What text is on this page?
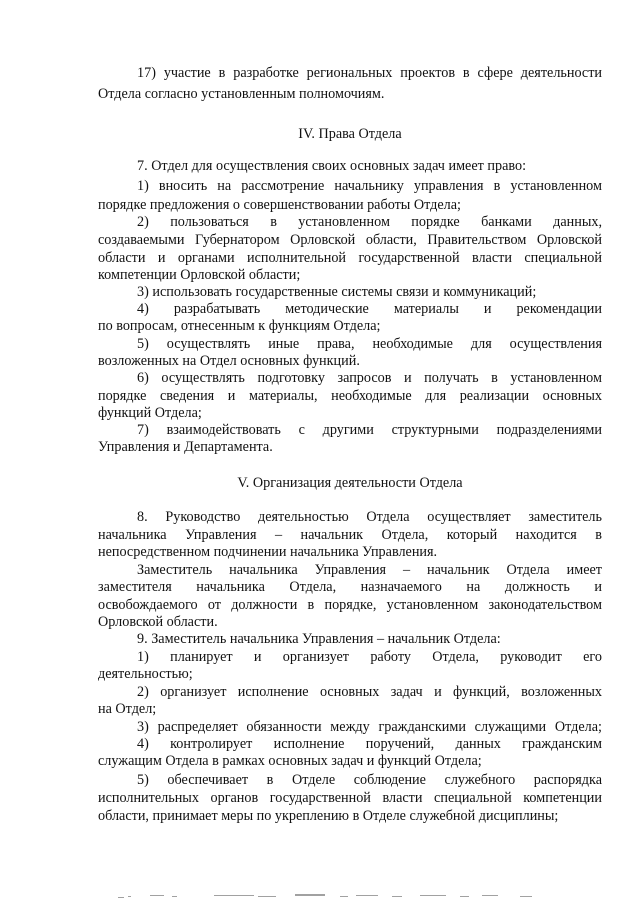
17) участие в разработке региональных проектов в сфере деятельности
Отдела согласно установленным полномочиям.
IV. Права Отдела
7. Отдел для осуществления своих основных задач имеет право:
1) вносить на рассмотрение начальнику управления в установленном
порядке предложения о совершенствовании работы Отдела;
2) пользоваться в установленном порядке банками данных,
создаваемыми Губернатором Орловской области, Правительством Орловской
области и органами исполнительной государственной власти специальной
компетенции Орловской области;
3) использовать государственные системы связи и коммуникаций;
4) разрабатывать методические материалы и рекомендации
по вопросам, отнесенным к функциям Отдела;
5) осуществлять иные права, необходимые для осуществления
возложенных на Отдел основных функций.
6) осуществлять подготовку запросов и получать в установленном
порядке сведения и материалы, необходимые для реализации основных
функций Отдела;
7) взаимодействовать с другими структурными подразделениями
Управления и Департамента.
V. Организация деятельности Отдела
8. Руководство деятельностью Отдела осуществляет заместитель
начальника Управления – начальник Отдела, который находится в
непосредственном подчинении начальника Управления.
Заместитель начальника Управления – начальник Отдела имеет
заместителя начальника Отдела, назначаемого на должность и
освобождаемого от должности в порядке, установленном законодательством
Орловской области.
9. Заместитель начальника Управления – начальник Отдела:
1) планирует и организует работу Отдела, руководит его
деятельностью;
2) организует исполнение основных задач и функций, возложенных
на Отдел;
3) распределяет обязанности между гражданскими служащими Отдела;
4) контролирует исполнение поручений, данных гражданским
служащим Отдела в рамках основных задач и функций Отдела;
5) обеспечивает в Отделе соблюдение служебного распорядка
исполнительных органов государственной власти специальной компетенции
области, принимает меры по укреплению в Отделе служебной дисциплины;
